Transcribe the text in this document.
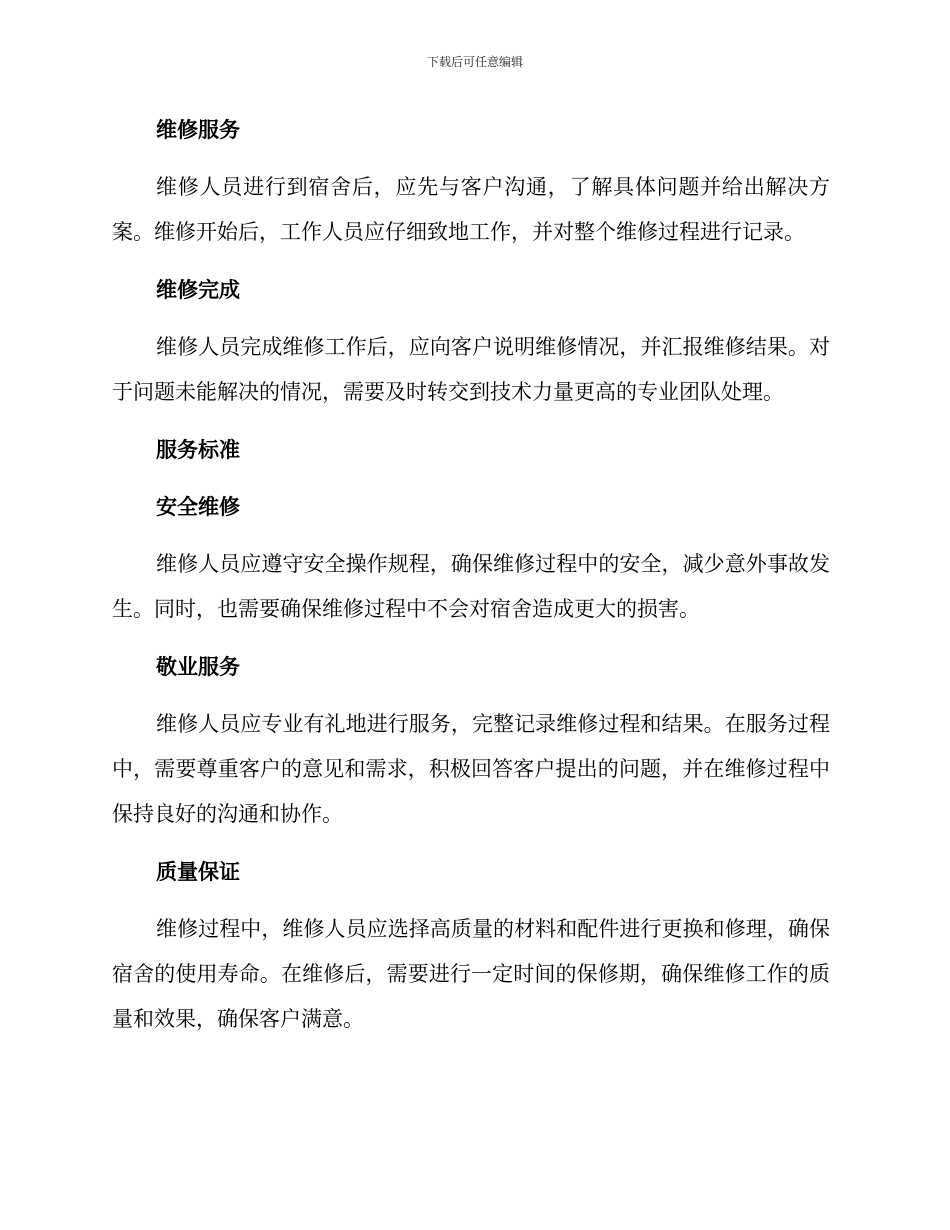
下载后可任意编辑
维修服务

维修人员进行到宿舍后，应先与客户沟通，了解具体问题并给出解决方案。维修开始后，工作人员应仔细致地工作，并对整个维修过程进行记录。

维修完成

维修人员完成维修工作后，应向客户说明维修情况，并汇报维修结果。对于问题未能解决的情况，需要及时转交到技术力量更高的专业团队处理。

服务标准
安全维修

维修人员应遵守安全操作规程，确保维修过程中的安全，减少意外事故发生。同时，也需要确保维修过程中不会对宿舍造成更大的损害。

敬业服务

维修人员应专业有礼地进行服务，完整记录维修过程和结果。在服务过程中，需要尊重客户的意见和需求，积极回答客户提出的问题，并在维修过程中保持良好的沟通和协作。

质量保证

维修过程中，维修人员应选择高质量的材料和配件进行更换和修理，确保宿舍的使用寿命。在维修后，需要进行一定时间的保修期，确保维修工作的质量和效果，确保客户满意。
